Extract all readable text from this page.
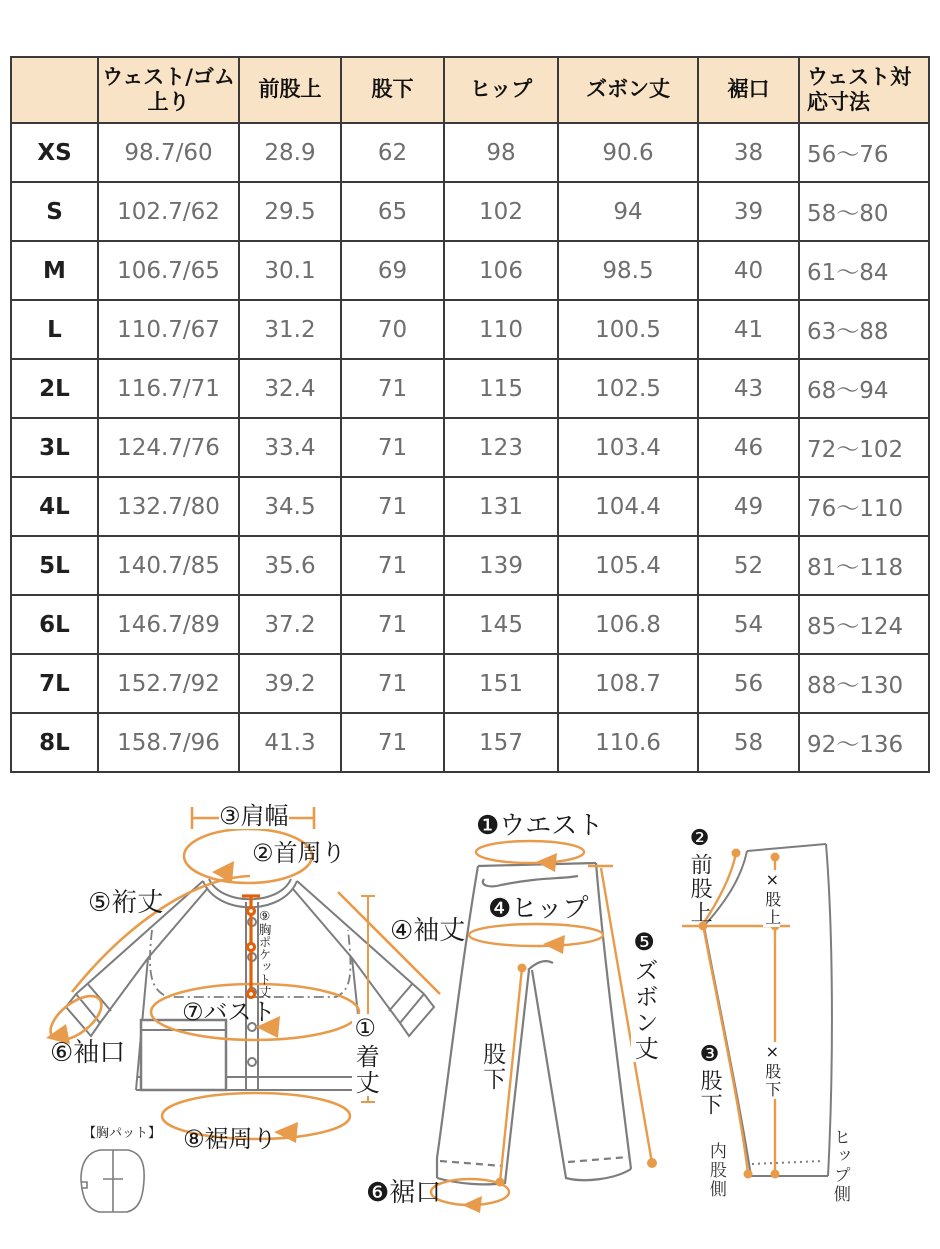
	ウェスト/ゴム上り	前股上	股下	ヒップ	ズボン丈	裾口	ウェスト対応寸法
XS	98.7/60	28.9	62	98	90.6	38	56〜76
S	102.7/62	29.5	65	102	94	39	58〜80
M	106.7/65	30.1	69	106	98.5	40	61〜84
L	110.7/67	31.2	70	110	100.5	41	63〜88
2L	116.7/71	32.4	71	115	102.5	43	68〜94
3L	124.7/76	33.4	71	123	103.4	46	72〜102
4L	132.7/80	34.5	71	131	104.4	49	76〜110
5L	140.7/85	35.6	71	139	105.4	52	81〜118
6L	146.7/89	37.2	71	145	106.8	54	85〜124
7L	152.7/92	39.2	71	151	108.7	56	88〜130
8L	158.7/96	41.3	71	157	110.6	58	92〜136
③肩幅
②首周り
⑤裄丈
④袖丈
⑨胸ポケット丈
⑦バスト
①着丈
⑥袖口
⑧裾周り
【胸パット】
❶ウエスト
❹ヒップ
❺ズボン丈
股下
❻裾口
❷前股上	×股上
❸股下	×股下
内股側	ヒップ側
